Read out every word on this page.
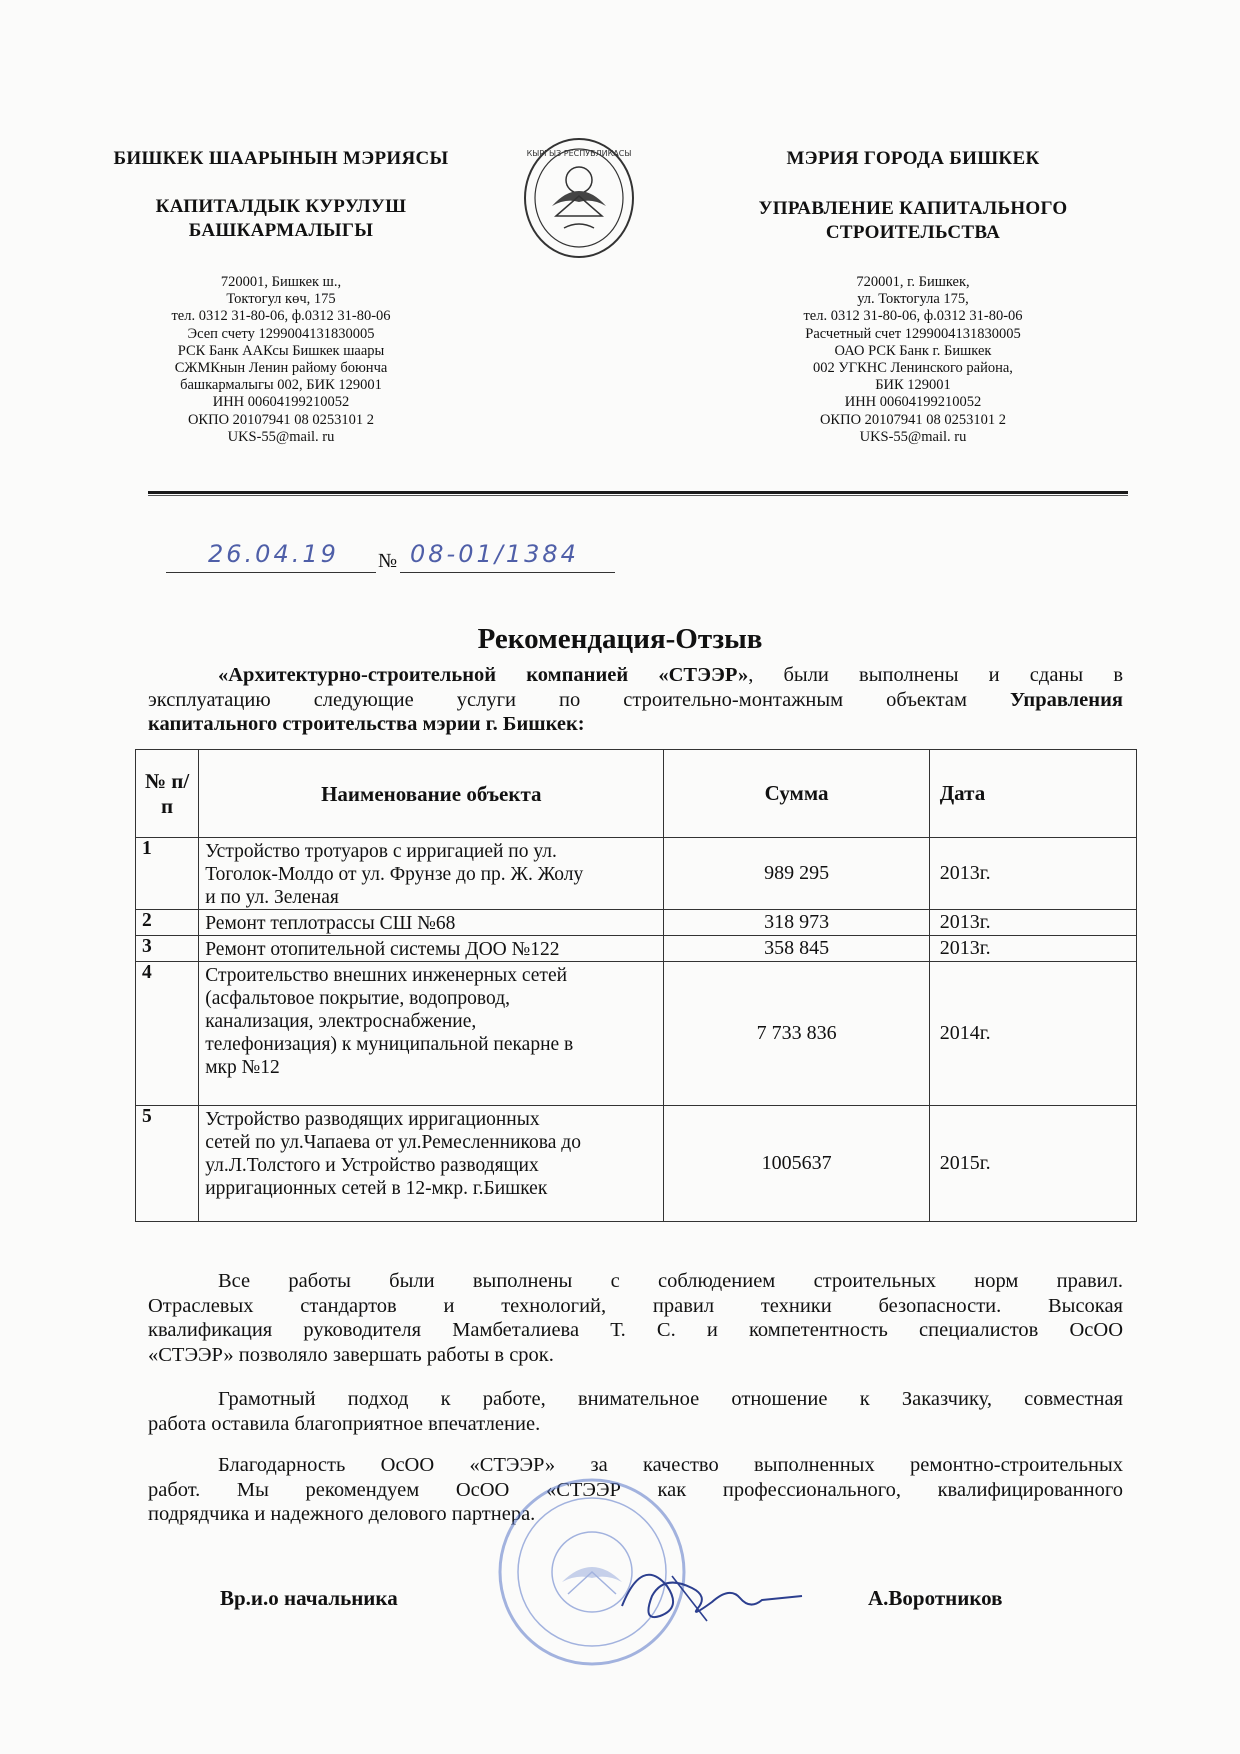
БИШКЕК ШААРЫНЫН МЭРИЯСЫ
КАПИТАЛДЫК КУРУЛУШ
БАШКАРМАЛЫГЫ
720001, Бишкек ш.,
Токтогул көч, 175
тел. 0312 31-80-06, ф.0312 31-80-06
Эсеп счету 1299004131830005
РСК Банк ААКсы Бишкек шаары
СЖМКнын Ленин райому боюнча
башкармалыгы 002, БИК 129001
ИНН 00604199210052
ОКПО 20107941 08 0253101 2
UKS-55@mail. ru
КЫРГЫЗ РЕСПУБЛИКАСЫ	МЭРИЯ ГОРОДА БИШКЕК
УПРАВЛЕНИЕ КАПИТАЛЬНОГО
СТРОИТЕЛЬСТВА
720001, г. Бишкек,
ул. Токтогула 175,
тел. 0312 31-80-06, ф.0312 31-80-06
Расчетный счет 1299004131830005
ОАО РСК Банк г. Бишкек
002 УГКНС Ленинского района,
БИК 129001
ИНН 00604199210052
ОКПО 20107941 08 0253101 2
UKS-55@mail. ru
26.04.19 № 08-01/1384
Рекомендация-Отзыв
«Архитектурно-строительной компанией «СТЭЭР», были выполнены и сданы в
эксплуатацию следующие услуги по строительно-монтажным объектам Управления
капитального строительства мэрии г. Бишкек:
№ п/п	Наименование объекта	Сумма	Дата
1	Устройство тротуаров с ирригацией по ул.
Тоголок-Молдо от ул. Фрунзе до пр. Ж. Жолу
и по ул. Зеленая	989 295	2013г.
2	Ремонт теплотрассы СШ №68	318 973	2013г.
3	Ремонт отопительной системы ДОО №122	358 845	2013г.
4	Строительство внешних инженерных сетей
(асфальтовое покрытие, водопровод,
канализация, электроснабжение,
телефонизация) к муниципальной пекарне в
мкр №12	7 733 836	2014г.
5	Устройство разводящих ирригационных
сетей по ул.Чапаева от ул.Ремесленникова до
ул.Л.Толстого и Устройство разводящих
ирригационных сетей в 12-мкр. г.Бишкек	1005637	2015г.
Все работы были выполнены с соблюдением строительных норм правил.
Отраслевых стандартов и технологий, правил техники безопасности. Высокая
квалификация руководителя Мамбеталиева Т. С. и компетентность специалистов ОсОО
«СТЭЭР» позволяло завершать работы в срок.
Грамотный подход к работе, внимательное отношение к Заказчику, совместная
работа оставила благоприятное впечатление.
Благодарность ОсОО «СТЭЭР» за качество выполненных ремонтно-строительных
работ. Мы рекомендуем ОсОО «СТЭЭР как профессионального, квалифицированного
подрядчика и надежного делового партнера.
Вр.и.о начальника	А.Воротников
